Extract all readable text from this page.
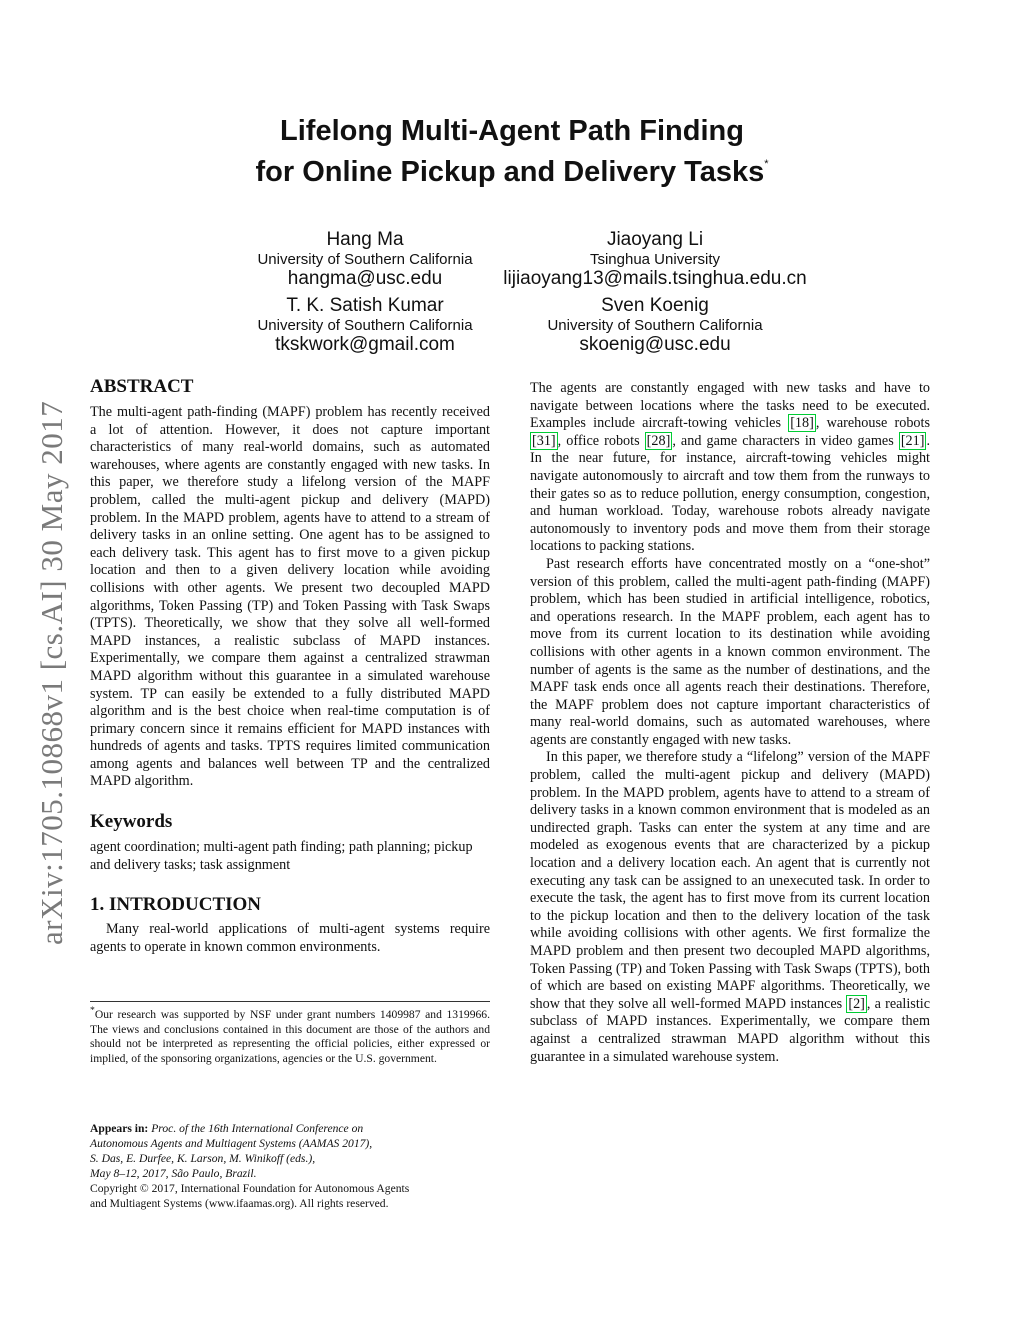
arXiv:1705.10868v1 [cs.AI] 30 May 2017
Lifelong Multi-Agent Path Finding
for Online Pickup and Delivery Tasks*
Hang Ma
University of Southern California
hangma@usc.edu
Jiaoyang Li
Tsinghua University
lijiaoyang13@mails.tsinghua.edu.cn
T. K. Satish Kumar
University of Southern California
tkskwork@gmail.com
Sven Koenig
University of Southern California
skoenig@usc.edu
ABSTRACT

The multi-agent path-finding (MAPF) problem has recently received a lot of attention. However, it does not capture important characteristics of many real-world domains, such as automated warehouses, where agents are constantly engaged with new tasks. In this paper, we therefore study a lifelong version of the MAPF problem, called the multi-agent pickup and delivery (MAPD) problem. In the MAPD problem, agents have to attend to a stream of delivery tasks in an online setting. One agent has to be assigned to each delivery task. This agent has to first move to a given pickup location and then to a given delivery location while avoiding collisions with other agents. We present two decoupled MAPD algorithms, Token Passing (TP) and Token Passing with Task Swaps (TPTS). Theoretically, we show that they solve all well-formed MAPD instances, a realistic subclass of MAPD instances. Experimentally, we compare them against a centralized strawman MAPD algorithm without this guarantee in a simulated warehouse system. TP can easily be extended to a fully distributed MAPD algorithm and is the best choice when real-time computation is of primary concern since it remains efficient for MAPD instances with hundreds of agents and tasks. TPTS requires limited communication among agents and balances well between TP and the centralized MAPD algorithm.

Keywords

agent coordination; multi-agent path finding; path planning; pickup and delivery tasks; task assignment

1. INTRODUCTION

Many real-world applications of multi-agent systems require agents to operate in known common environments.

*Our research was supported by NSF under grant numbers 1409987 and 1319966. The views and conclusions contained in this document are those of the authors and should not be interpreted as representing the official policies, either expressed or implied, of the sponsoring organizations, agencies or the U.S. government.
Appears in: Proc. of the 16th International Conference on
Autonomous Agents and Multiagent Systems (AAMAS 2017),
S. Das, E. Durfee, K. Larson, M. Winikoff (eds.),
May 8–12, 2017, São Paulo, Brazil.
Copyright © 2017, International Foundation for Autonomous Agents
and Multiagent Systems (www.ifaamas.org). All rights reserved.

The agents are constantly engaged with new tasks and have to navigate between locations where the tasks need to be executed. Examples include aircraft-towing vehicles [18] , warehouse robots [31] , office robots [28] , and game characters in video games [21] . In the near future, for instance, aircraft-towing vehicles might navigate autonomously to aircraft and tow them from the runways to their gates so as to reduce pollution, energy consumption, congestion, and human workload. Today, warehouse robots already navigate autonomously to inventory pods and move them from their storage locations to packing stations.

Past research efforts have concentrated mostly on a “one-shot” version of this problem, called the multi-agent path-finding (MAPF) problem, which has been studied in artificial intelligence, robotics, and operations research. In the MAPF problem, each agent has to move from its current location to its destination while avoiding collisions with other agents in a known common environment. The number of agents is the same as the number of destinations, and the MAPF task ends once all agents reach their destinations. Therefore, the MAPF problem does not capture important characteristics of many real-world domains, such as automated warehouses, where agents are constantly engaged with new tasks.

In this paper, we therefore study a “lifelong” version of the MAPF problem, called the multi-agent pickup and delivery (MAPD) problem. In the MAPD problem, agents have to attend to a stream of delivery tasks in a known common environment that is modeled as an undirected graph. Tasks can enter the system at any time and are modeled as exogenous events that are characterized by a pickup location and a delivery location each. An agent that is currently not executing any task can be assigned to an unexecuted task. In order to execute the task, the agent has to first move from its current location to the pickup location and then to the delivery location of the task while avoiding collisions with other agents. We first formalize the MAPD problem and then present two decoupled MAPD algorithms, Token Passing (TP) and Token Passing with Task Swaps (TPTS), both of which are based on existing MAPF algorithms. Theoretically, we show that they solve all well-formed MAPD instances [2] , a realistic subclass of MAPD instances. Experimentally, we compare them against a centralized strawman MAPD algorithm without this guarantee in a simulated warehouse system.
